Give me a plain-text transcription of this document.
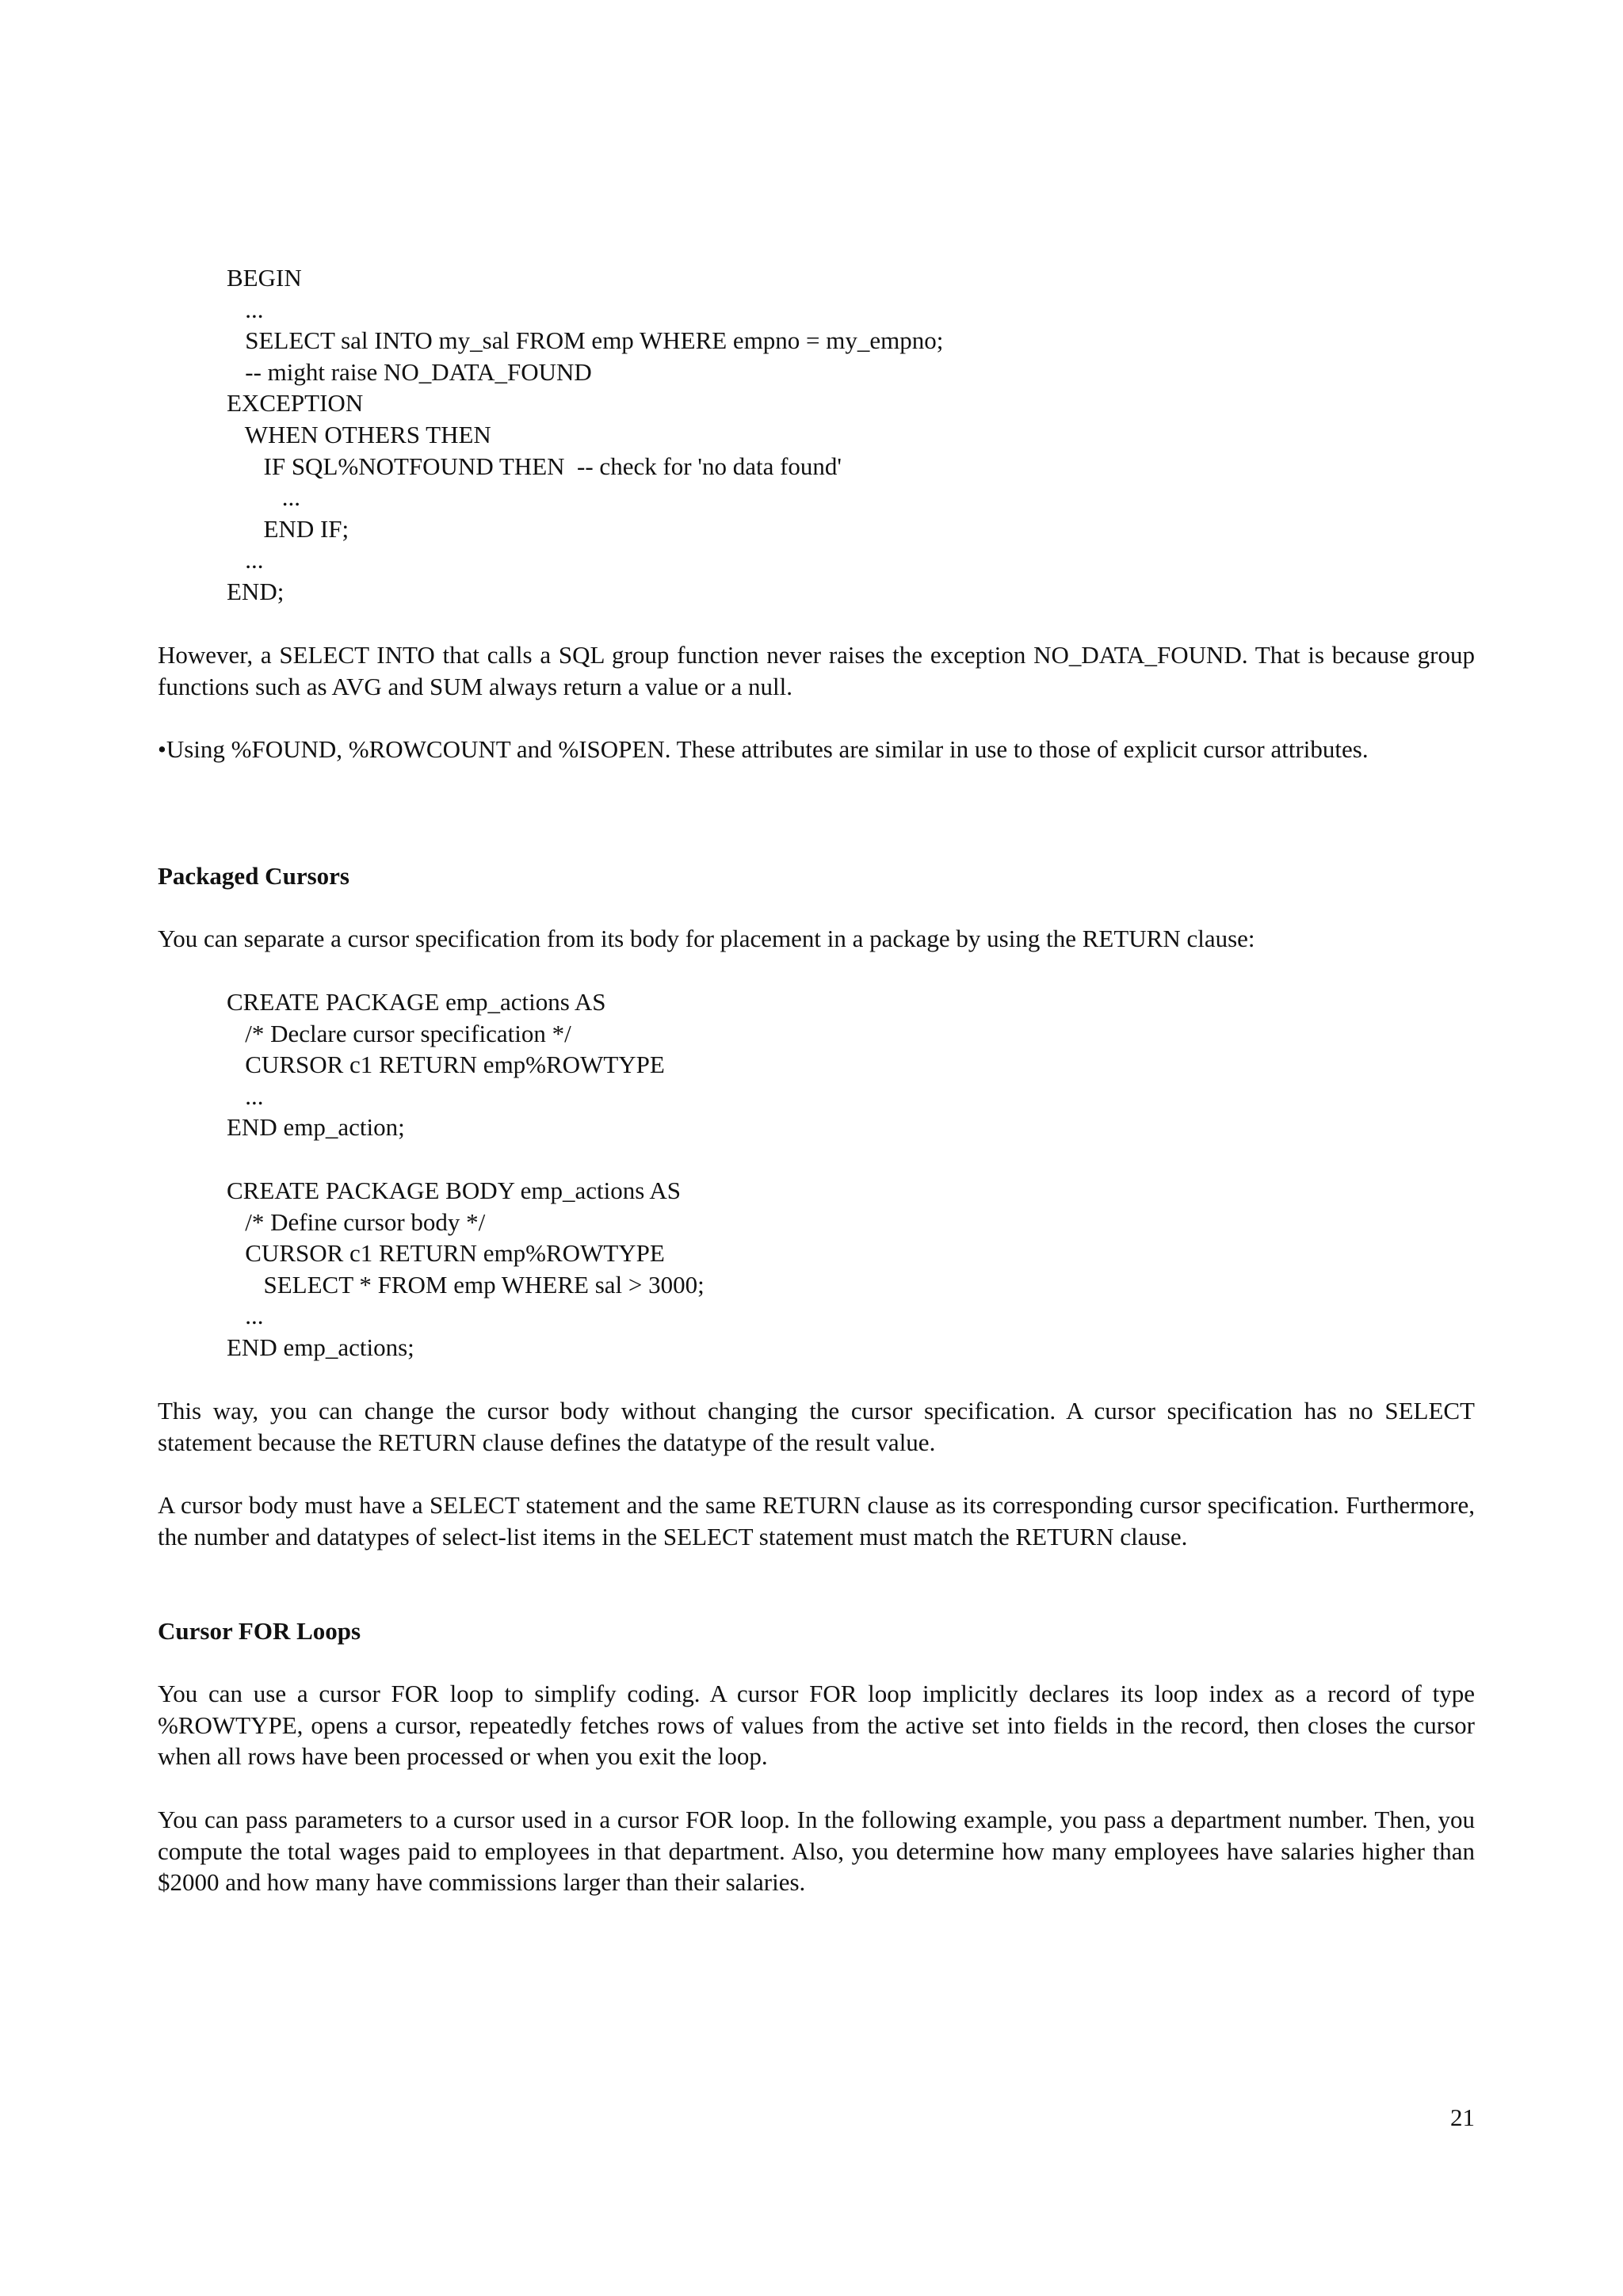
BEGIN
...
SELECT sal INTO my_sal FROM emp WHERE empno = my_empno;
-- might raise NO_DATA_FOUND
EXCEPTION
WHEN OTHERS THEN
IF SQL%NOTFOUND THEN  -- check for 'no data found'
...
END IF;
...
END;

However, a SELECT INTO that calls a SQL group function never raises the exception NO_DATA_FOUND. That is because group functions such as AVG and SUM always return a value or a null.

•Using %FOUND, %ROWCOUNT and %ISOPEN. These attributes are similar in use to those of explicit cursor attributes.

Packaged Cursors

You can separate a cursor specification from its body for placement in a package by using the RETURN clause:

CREATE PACKAGE emp_actions AS
/* Declare cursor specification */
CURSOR c1 RETURN emp%ROWTYPE
...
END emp_action;
CREATE PACKAGE BODY emp_actions AS
/* Define cursor body */
CURSOR c1 RETURN emp%ROWTYPE
SELECT * FROM emp WHERE sal > 3000;
...
END emp_actions;

This way, you can change the cursor body without changing the cursor specification. A cursor specification has no SELECT statement because the RETURN clause defines the datatype of the result value.

A cursor body must have a SELECT statement and the same RETURN clause as its corresponding cursor specification. Furthermore, the number and datatypes of select-list items in the SELECT statement must match the RETURN clause.

Cursor FOR Loops

You can use a cursor FOR loop to simplify coding. A cursor FOR loop implicitly declares its loop index as a record of type %ROWTYPE, opens a cursor, repeatedly fetches rows of values from the active set into fields in the record, then closes the cursor when all rows have been processed or when you exit the loop.

You can pass parameters to a cursor used in a cursor FOR loop. In the following example, you pass a department number. Then, you compute the total wages paid to employees in that department. Also, you determine how many employees have salaries higher than $2000 and how many have commissions larger than their salaries.

21
